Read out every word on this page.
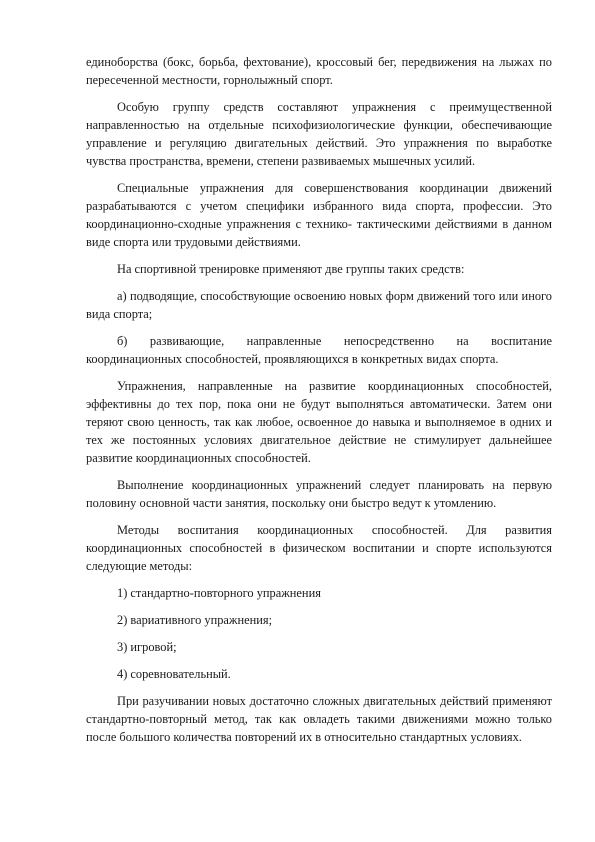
единоборства (бокс, борьба, фехтование), кроссовый бег, передвижения на лыжах по пересеченной местности, горнолыжный спорт.

Особую группу средств составляют упражнения с преимущественной направленностью на отдельные психофизиологические функции, обеспечивающие управление и регуляцию двигательных действий. Это упражнения по выработке чувства пространства, времени, степени развиваемых мышечных усилий.

Специальные упражнения для совершенствования координации движений разрабатываются с учетом специфики избранного вида спорта, профессии. Это координационно-сходные упражнения с технико- тактическими действиями в данном виде спорта или трудовыми действиями.

На спортивной тренировке применяют две группы таких средств:

а) подводящие, способствующие освоению новых форм движений того или иного вида спорта;

б) развивающие, направленные непосредственно на воспитание координационных способностей, проявляющихся в конкретных видах спорта.

Упражнения, направленные на развитие координационных способностей, эффективны до тех пор, пока они не будут выполняться автоматически. Затем они теряют свою ценность, так как любое, освоенное до навыка и выполняемое в одних и тех же постоянных условиях двигательное действие не стимулирует дальнейшее развитие координационных способностей.

Выполнение координационных упражнений следует планировать на первую половину основной части занятия, поскольку они быстро ведут к утомлению.

Методы воспитания координационных способностей. Для развития координационных способностей в физическом воспитании и спорте используются следующие методы:

1) стандартно-повторного упражнения

2) вариативного упражнения;

3) игровой;

4) соревновательный.

При разучивании новых достаточно сложных двигательных действий применяют стандартно-повторный метод, так как овладеть такими движениями можно только после большого количества повторений их в относительно стандартных условиях.
